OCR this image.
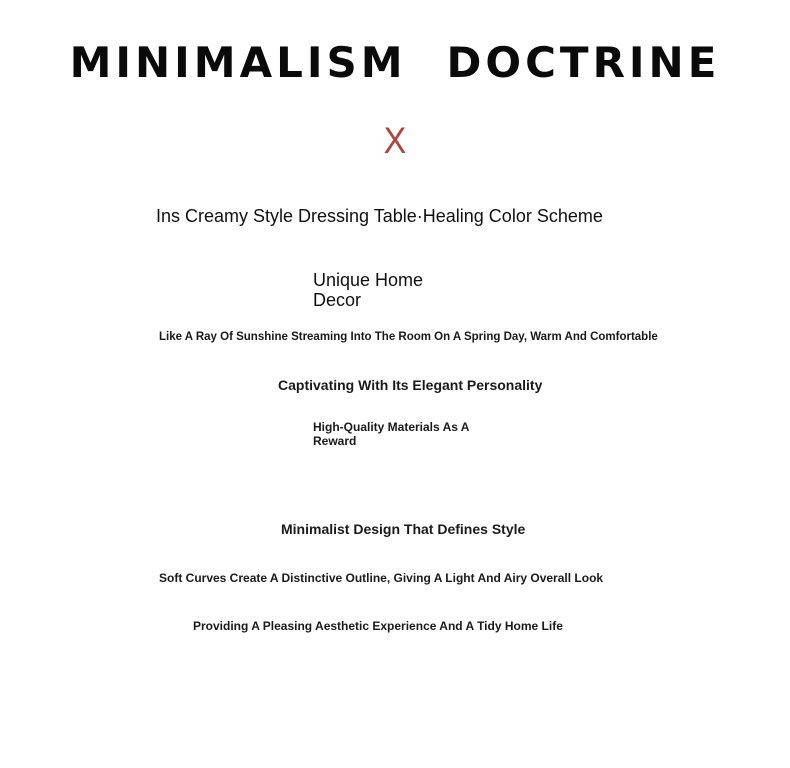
MINIMALISM DOCTRINE
X
Ins Creamy Style Dressing Table·Healing Color Scheme
Unique Home Decor
Like A Ray Of Sunshine Streaming Into The Room On A Spring Day, Warm And Comfortable
Captivating With Its Elegant Personality
High-Quality Materials As A Reward
Minimalist Design That Defines Style
Soft Curves Create A Distinctive Outline, Giving A Light And Airy Overall Look
Providing A Pleasing Aesthetic Experience And A Tidy Home Life
